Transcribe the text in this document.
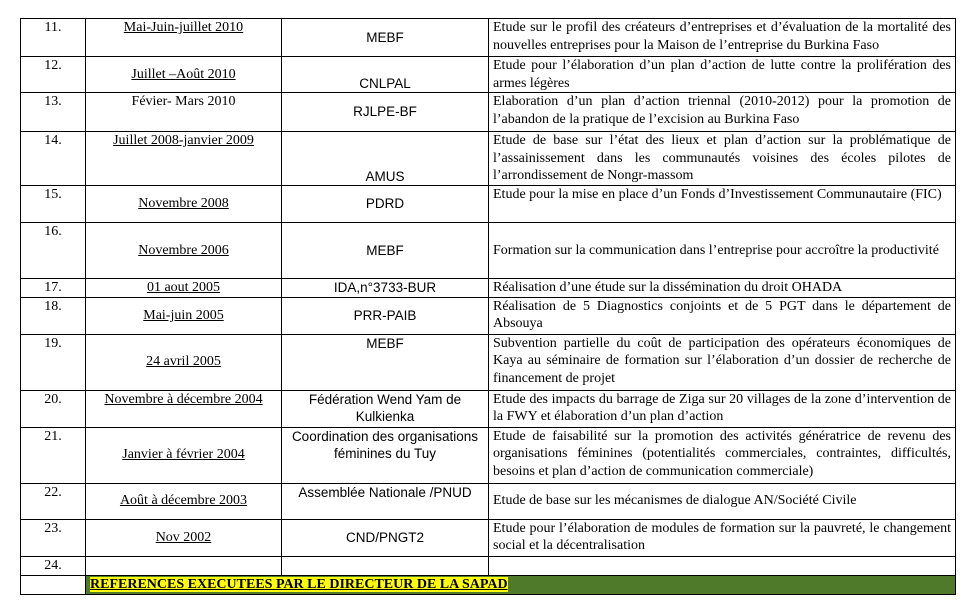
11.	Mai-Juin-juillet 2010	MEBF	Etude sur le profil des créateurs d’entreprises et d’évaluation de la mortalité des nouvelles entreprises pour la Maison de l’entreprise du Burkina Faso
12.	Juillet –Août 2010	CNLPAL	Etude pour l’élaboration d’un plan d’action de lutte contre la prolifération des armes légères
13.	Févier- Mars 2010	RJLPE-BF	Elaboration d’un plan d’action triennal (2010-2012) pour la promotion de l’abandon de la pratique de l’excision au Burkina Faso
14.	Juillet 2008-janvier 2009	AMUS	Etude de base sur l’état des lieux et plan d’action sur la problématique de l’assainissement dans les communautés voisines des écoles pilotes de l’arrondissement de Nongr-massom
15.	Novembre 2008	PDRD	Etude pour la mise en place d’un Fonds d’Investissement Communautaire (FIC)
16.	Novembre 2006	MEBF	Formation sur la communication dans l’entreprise pour accroître la productivité
17.	01 aout 2005	IDA,n°3733-BUR	Réalisation d’une étude sur la dissémination du droit OHADA
18.	Mai-juin 2005	PRR-PAIB	Réalisation de 5 Diagnostics conjoints et de 5 PGT dans le département de Absouya
19.	24 avril 2005	MEBF	Subvention partielle du coût de participation des opérateurs économiques de Kaya au séminaire de formation sur l’élaboration d’un dossier de recherche de financement de projet
20.	Novembre à décembre 2004	Fédération Wend Yam de Kulkienka	Etude des impacts du barrage de Ziga sur 20 villages de la zone d’intervention de la FWY et élaboration d’un plan d’action
21.	Janvier à février 2004	Coordination des organisations féminines du Tuy	Etude de faisabilité sur la promotion des activités génératrice de revenu des organisations féminines (potentialités commerciales, contraintes, difficultés, besoins et plan d’action de communication commerciale)
22.	Août à décembre 2003	Assemblée Nationale /PNUD	Etude de base sur les mécanismes de dialogue AN/Société Civile
23.	Nov 2002	CND/PNGT2	Etude pour l’élaboration de modules de formation sur la pauvreté, le changement social et la décentralisation
24.			
	REFERENCES EXECUTEES PAR LE DIRECTEUR DE LA SAPAD		
